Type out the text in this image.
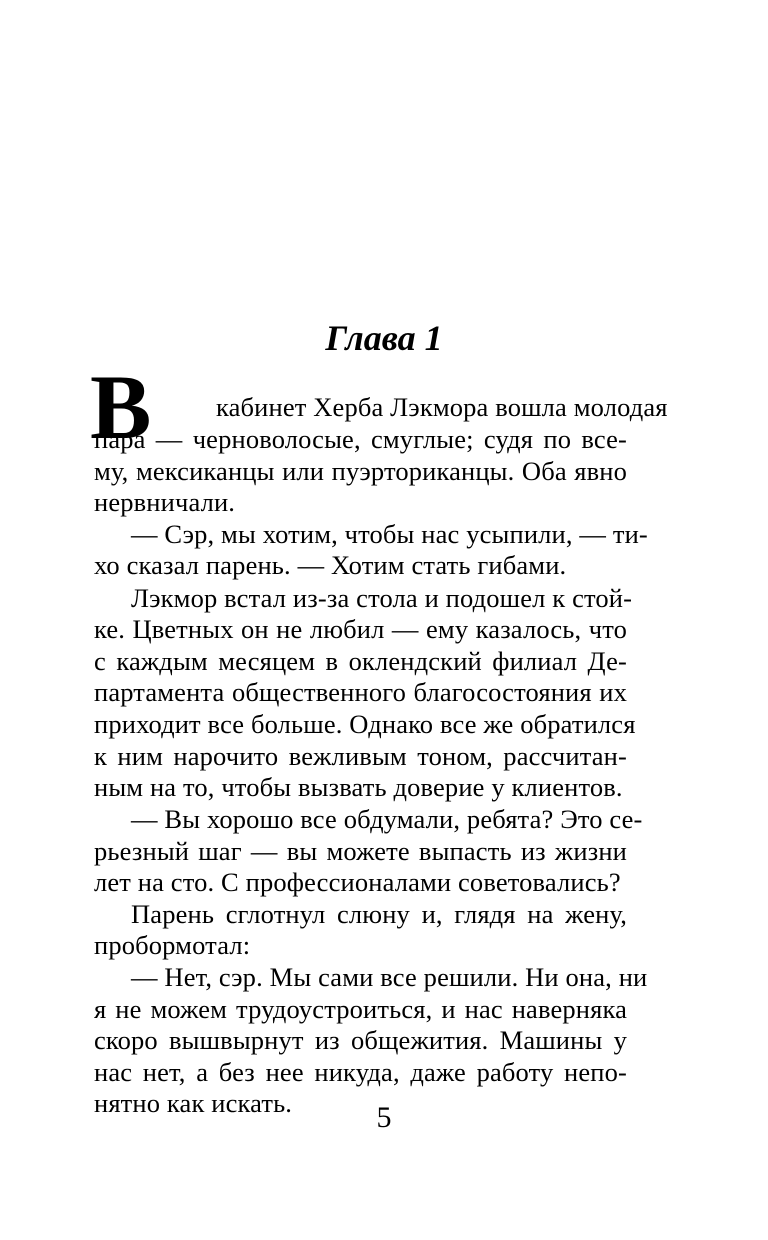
Глава 1
В кабинет Херба Лэкмора вошла молодая
пара — черноволосые, смуглые; судя по все-
му, мексиканцы или пуэрториканцы. Оба явно
нервничали.
— Сэр, мы хотим, чтобы нас усыпили, — ти-
хо сказал парень. — Хотим стать гибами.
Лэкмор встал из-за стола и подошел к стой-
ке. Цветных он не любил — ему казалось, что
с каждым месяцем в оклендский филиал Де-
партамента общественного благосостояния их
приходит все больше. Однако все же обратился
к ним нарочито вежливым тоном, рассчитан-
ным на то, чтобы вызвать доверие у клиентов.
— Вы хорошо все обдумали, ребята? Это се-
рьезный шаг — вы можете выпасть из жизни
лет на сто. С профессионалами советовались?
Парень сглотнул слюну и, глядя на жену,
пробормотал:
— Нет, сэр. Мы сами все решили. Ни она, ни
я не можем трудоустроиться, и нас наверняка
скоро вышвырнут из общежития. Машины у
нас нет, а без нее никуда, даже работу непо-
нятно как искать.	5
